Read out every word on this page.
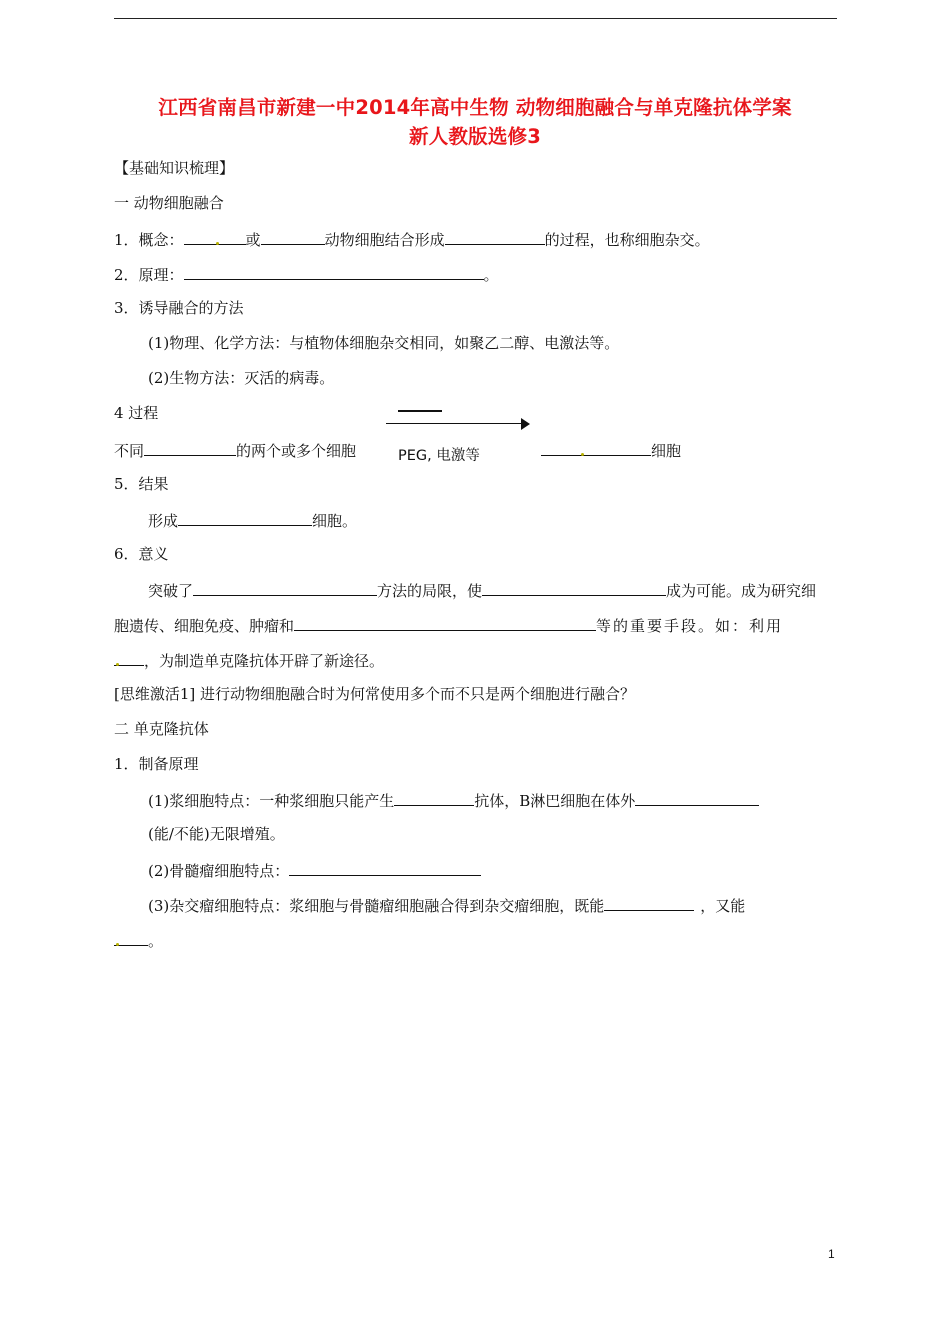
江西省南昌市新建一中2014年高中生物 动物细胞融合与单克隆抗体学案
新人教版选修3
【基础知识梳理】
一 动物细胞融合
1．概念：	或	动物细胞结合形成	的过程，也称细胞杂交。
2．原理：	。
3．诱导融合的方法
(1)物理、化学方法：与植物体细胞杂交相同，如聚乙二醇、电激法等。
(2)生物方法：灭活的病毒。
4 过程
PEG, 电激等
不同	的两个或多个细胞	细胞
5．结果
形成	细胞。
6．意义
突破了	方法的局限，使	成为可能。成为研究细
胞遗传、细胞免疫、肿瘤和	等的重要手段。如：利用
，为制造单克隆抗体开辟了新途径。
[思维激活1] 进行动物细胞融合时为何常使用多个而不只是两个细胞进行融合？
二 单克隆抗体
1．制备原理
(1)浆细胞特点：一种浆细胞只能产生	抗体，B淋巴细胞在体外
(能/不能)无限增殖。
(2)骨髓瘤细胞特点：
(3)杂交瘤细胞特点：浆细胞与骨髓瘤细胞融合得到杂交瘤细胞，既能	，又能
。
1
